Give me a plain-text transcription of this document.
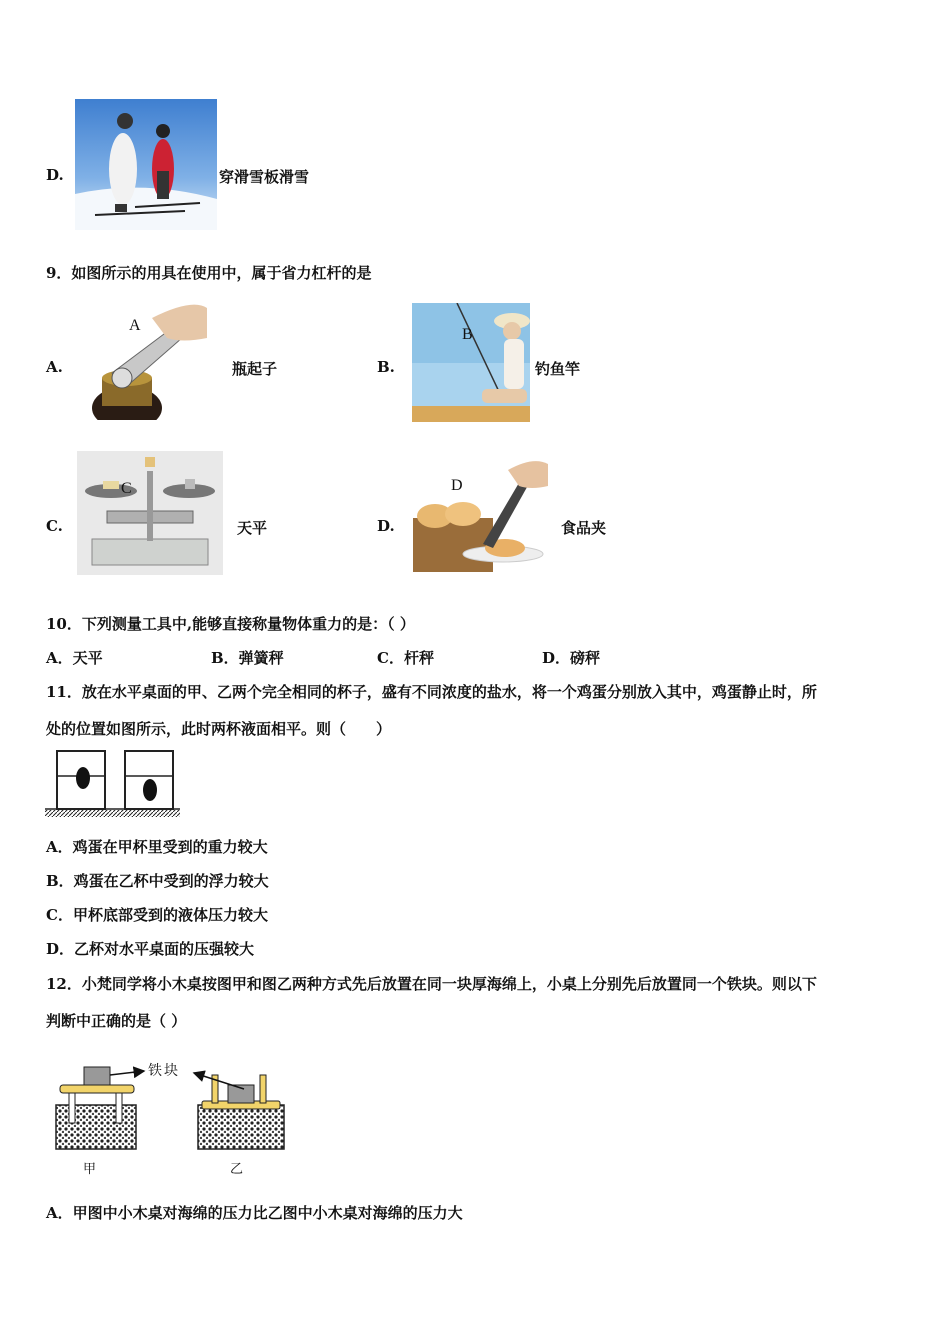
D.	穿滑雪板滑雪
9．如图所示的用具在使用中，属于省力杠杆的是
A.
A
瓶起子	B.
B
钓鱼竿
C.
C
天平	D.
D
食品夹
10．下列测量工具中,能够直接称量物体重力的是：（ ）
A．天平	B．弹簧秤	C．杆秤	D．磅秤
11．放在水平桌面的甲、乙两个完全相同的杯子，盛有不同浓度的盐水，将一个鸡蛋分别放入其中，鸡蛋静止时，所
处的位置如图所示，此时两杯液面相平。则（　　）
A．鸡蛋在甲杯里受到的重力较大
B．鸡蛋在乙杯中受到的浮力较大
C．甲杯底部受到的液体压力较大
D．乙杯对水平桌面的压强较大
12．小梵同学将小木桌按图甲和图乙两种方式先后放置在同一块厚海绵上，小桌上分别先后放置同一个铁块。则以下
判断中正确的是（ ）
铁块
甲	乙
A．甲图中小木桌对海绵的压力比乙图中小木桌对海绵的压力大
